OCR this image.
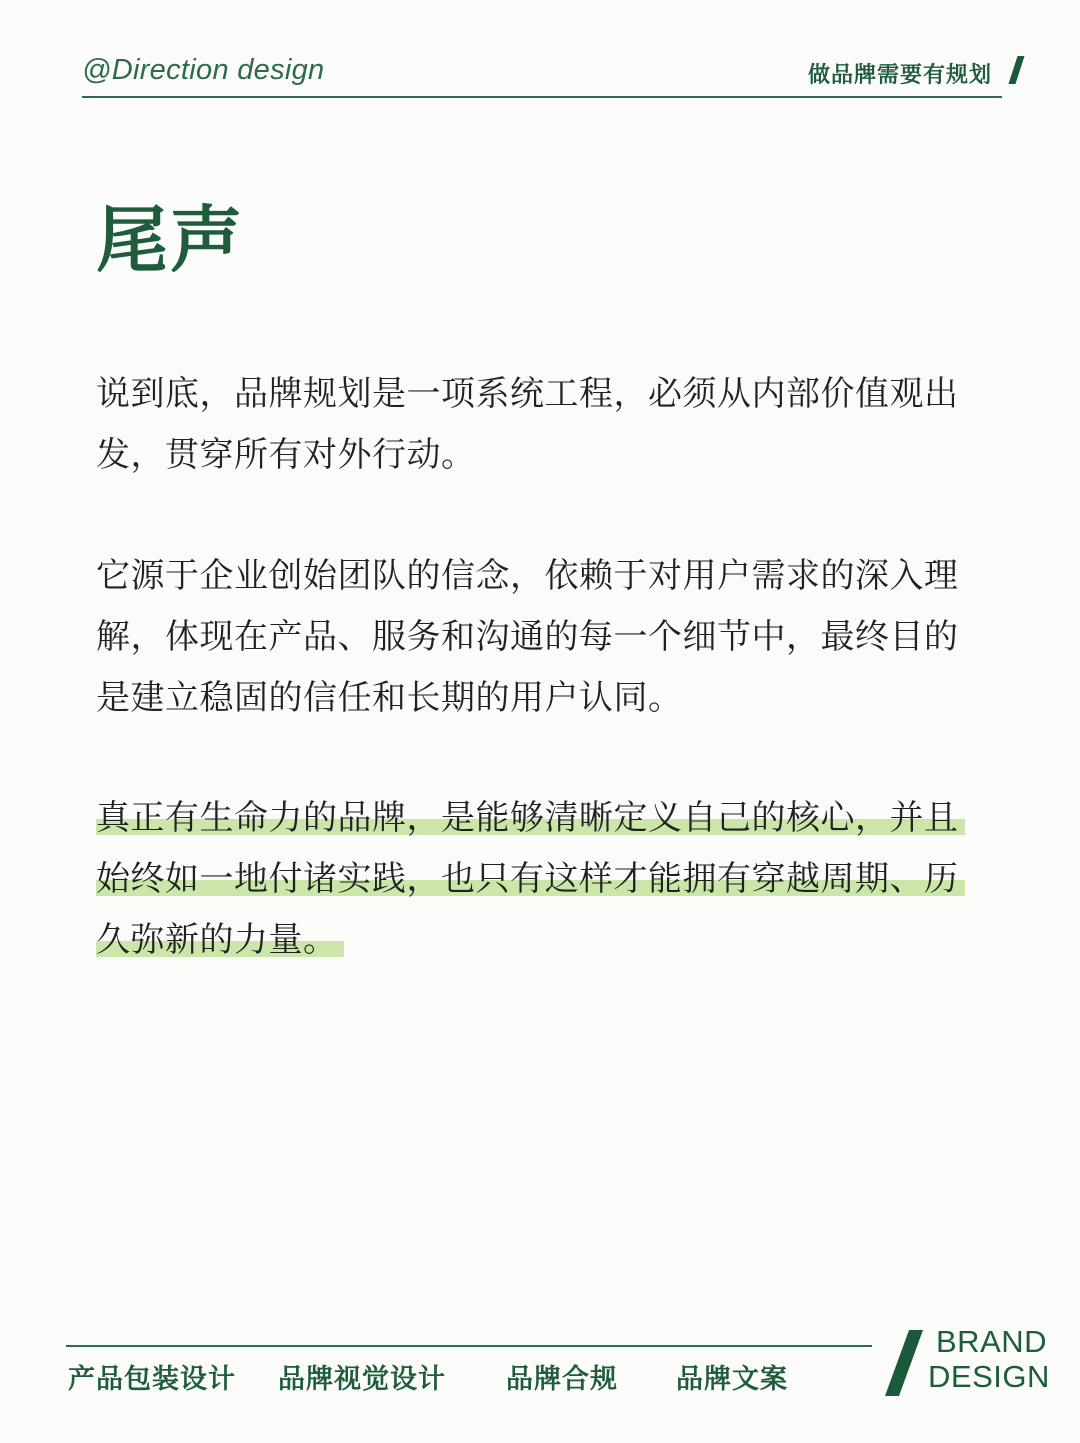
@Direction design	做品牌需要有规划
尾声

说到底，品牌规划是一项系统工程，必须从内部价值观出发，贯穿所有对外行动。

它源于企业创始团队的信念，依赖于对用户需求的深入理解，体现在产品、服务和沟通的每一个细节中，最终目的是建立稳固的信任和长期的用户认同。

真正有生命力的品牌，是能够清晰定义自己的核心，并且始终如一地付诸实践，也只有这样才能拥有穿越周期、历久弥新的力量。

产品包装设计 品牌视觉设计 品牌合规 品牌文案
BRAND
DESIGN
